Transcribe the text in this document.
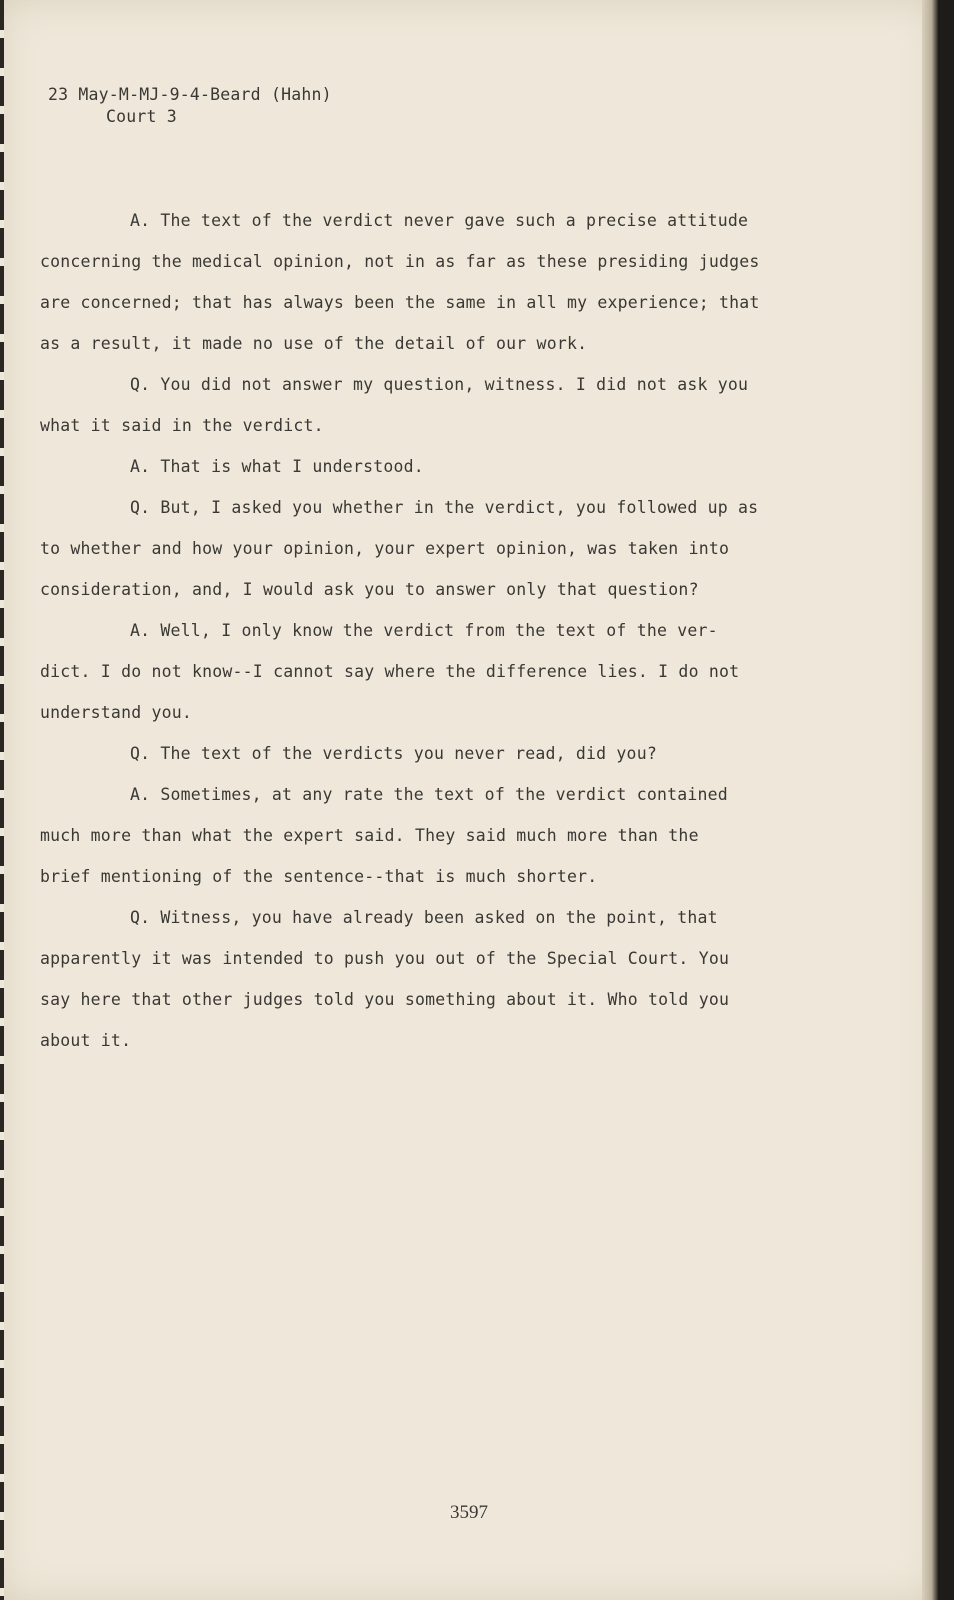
23 May-M-MJ-9-4-Beard (Hahn)
Court 3

A. The text of the verdict never gave such a precise attitude
concerning the medical opinion, not in as far as these presiding judges
are concerned; that has always been the same in all my experience; that
as a result, it made no use of the detail of our work.

Q. You did not answer my question, witness. I did not ask you
what it said in the verdict.

A. That is what I understood.

Q. But, I asked you whether in the verdict, you followed up as
to whether and how your opinion, your expert opinion, was taken into
consideration, and, I would ask you to answer only that question?

A. Well, I only know the verdict from the text of the ver-
dict. I do not know--I cannot say where the difference lies. I do not
understand you.

Q. The text of the verdicts you never read, did you?

A. Sometimes, at any rate the text of the verdict contained
much more than what the expert said. They said much more than the
brief mentioning of the sentence--that is much shorter.

Q. Witness, you have already been asked on the point, that
apparently it was intended to push you out of the Special Court. You
say here that other judges told you something about it. Who told you
about it.

3597
